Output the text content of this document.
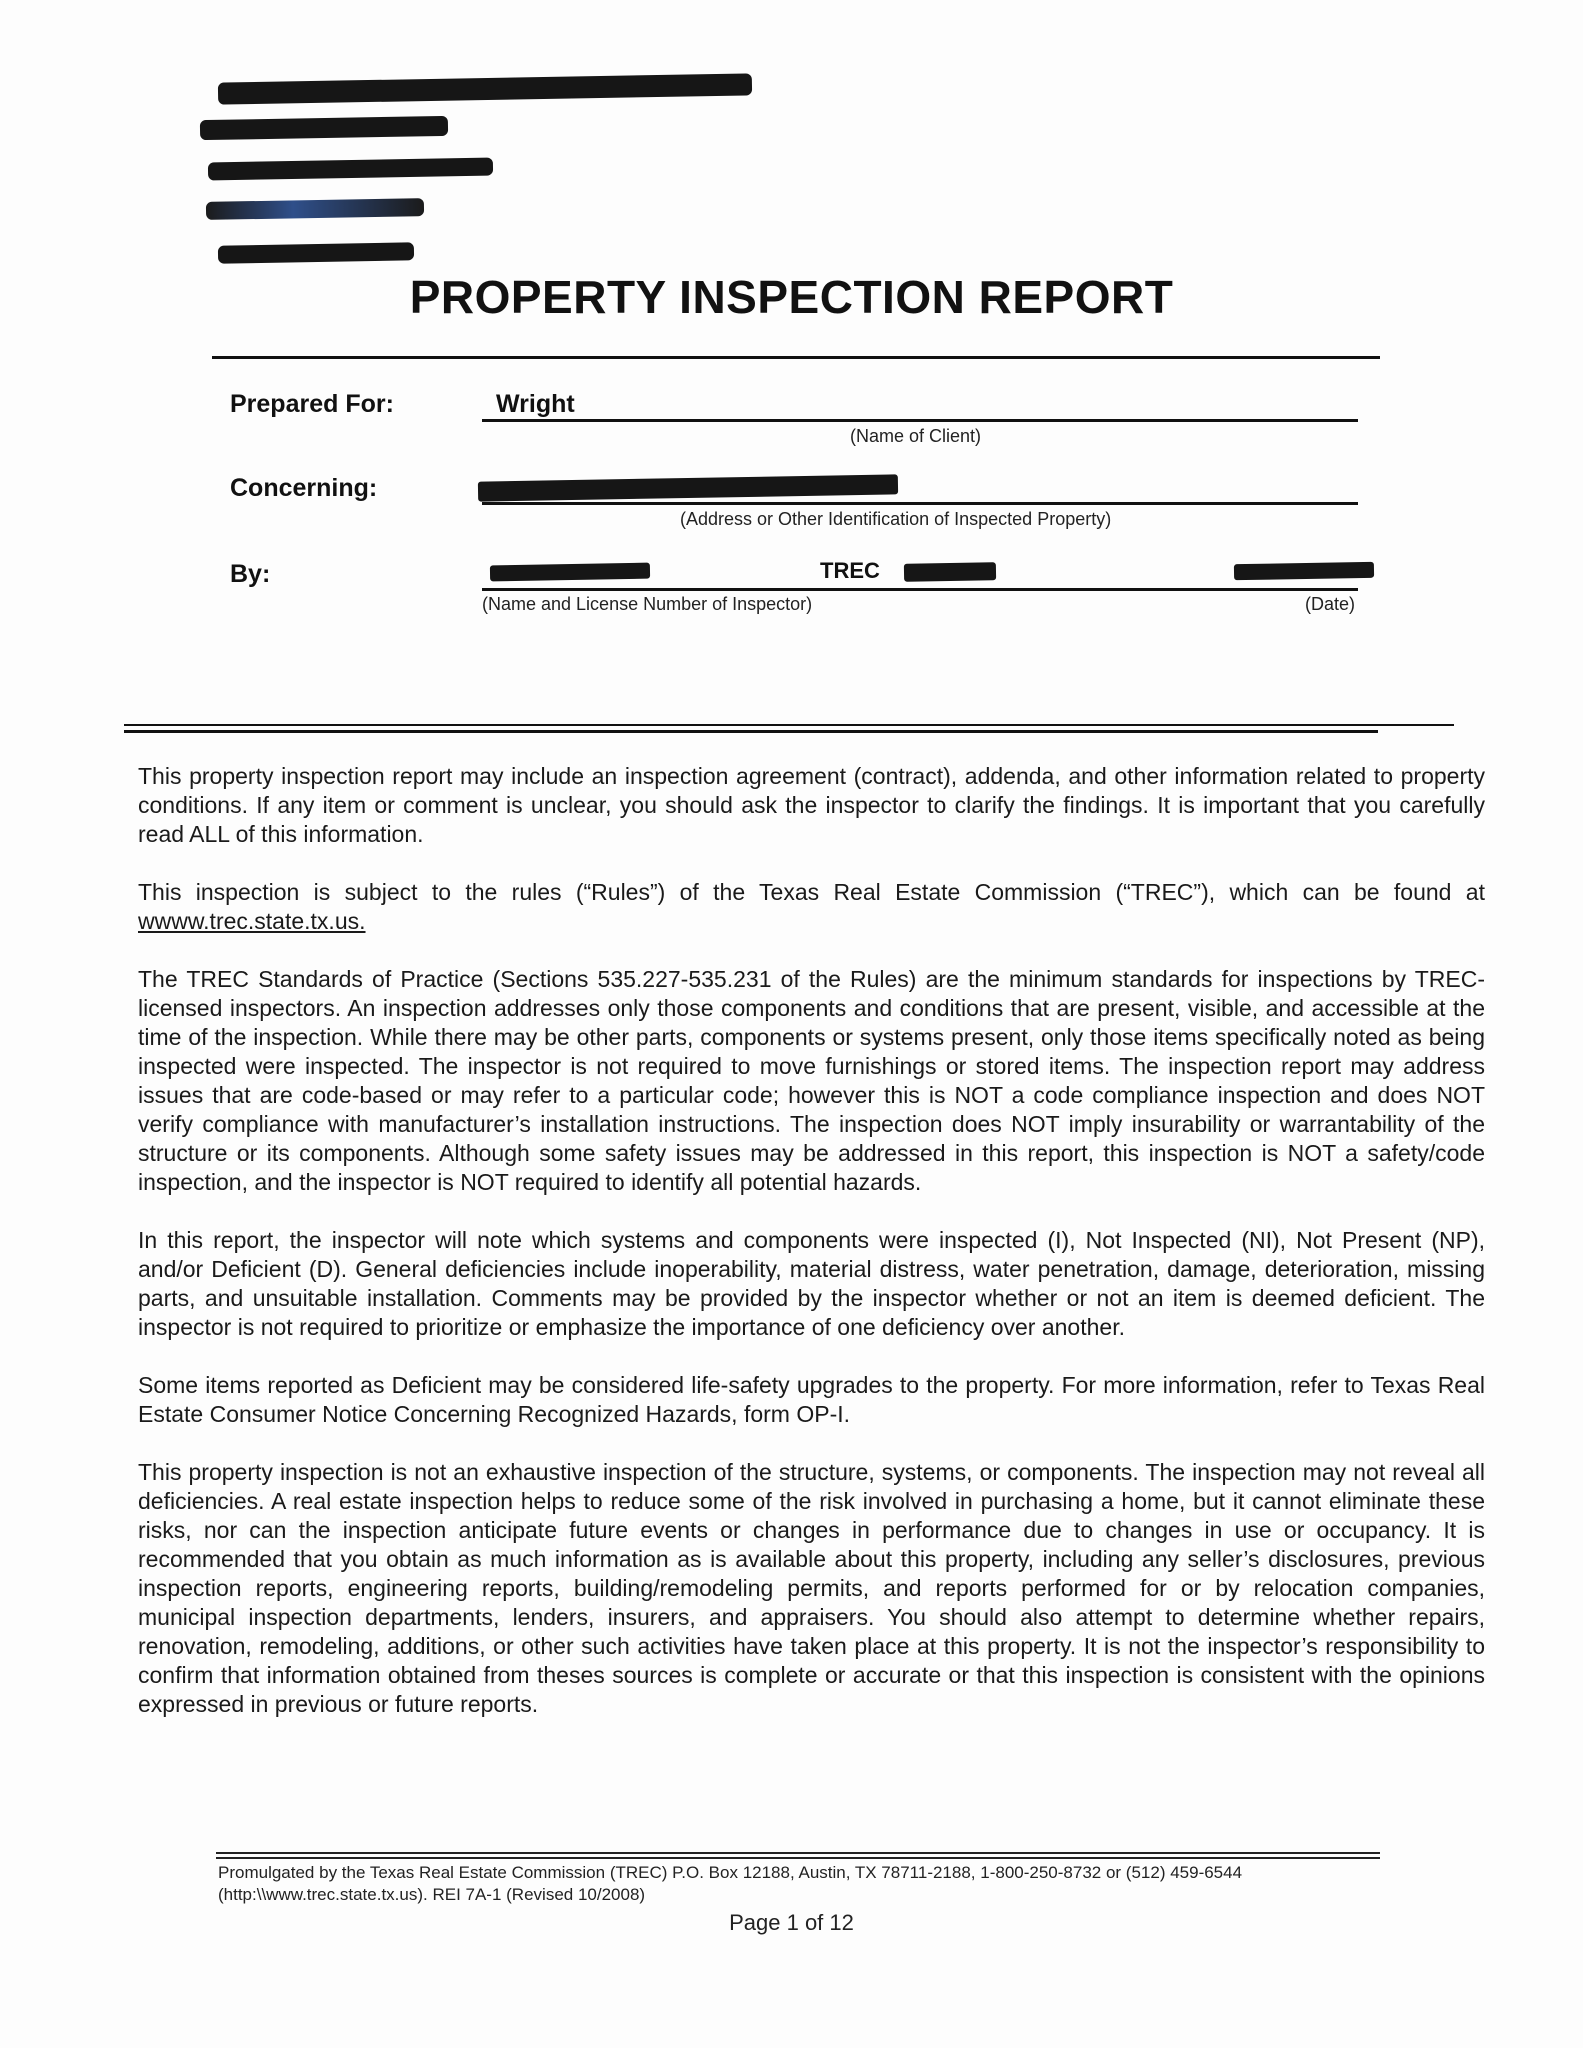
PROPERTY INSPECTION REPORT
Prepared For:	Wright
(Name of Client)
Concerning:
(Address or Other Identification of Inspected Property)
By:	TREC
(Name and License Number of Inspector)	(Date)

This property inspection report may include an inspection agreement (contract), addenda, and other information related to property conditions. If any item or comment is unclear, you should ask the inspector to clarify the findings. It is important that you carefully read ALL of this information.

This inspection is subject to the rules (“Rules”) of the Texas Real Estate Commission (“TREC”), which can be found at wwww.trec.state.tx.us.

The TREC Standards of Practice (Sections 535.227-535.231 of the Rules) are the minimum standards for inspections by TREC-licensed inspectors. An inspection addresses only those components and conditions that are present, visible, and accessible at the time of the inspection. While there may be other parts, components or systems present, only those items specifically noted as being inspected were inspected. The inspector is not required to move furnishings or stored items. The inspection report may address issues that are code-based or may refer to a particular code; however this is NOT a code compliance inspection and does NOT verify compliance with manufacturer’s installation instructions. The inspection does NOT imply insurability or warrantability of the structure or its components. Although some safety issues may be addressed in this report, this inspection is NOT a safety/code inspection, and the inspector is NOT required to identify all potential hazards.

In this report, the inspector will note which systems and components were inspected (I), Not Inspected (NI), Not Present (NP), and/or Deficient (D). General deficiencies include inoperability, material distress, water penetration, damage, deterioration, missing parts, and unsuitable installation. Comments may be provided by the inspector whether or not an item is deemed deficient. The inspector is not required to prioritize or emphasize the importance of one deficiency over another.

Some items reported as Deficient may be considered life-safety upgrades to the property. For more information, refer to Texas Real Estate Consumer Notice Concerning Recognized Hazards, form OP-I.

This property inspection is not an exhaustive inspection of the structure, systems, or components. The inspection may not reveal all deficiencies. A real estate inspection helps to reduce some of the risk involved in purchasing a home, but it cannot eliminate these risks, nor can the inspection anticipate future events or changes in performance due to changes in use or occupancy. It is recommended that you obtain as much information as is available about this property, including any seller’s disclosures, previous inspection reports, engineering reports, building/remodeling permits, and reports performed for or by relocation companies, municipal inspection departments, lenders, insurers, and appraisers. You should also attempt to determine whether repairs, renovation, remodeling, additions, or other such activities have taken place at this property. It is not the inspector’s responsibility to confirm that information obtained from theses sources is complete or accurate or that this inspection is consistent with the opinions expressed in previous or future reports.

Promulgated by the Texas Real Estate Commission (TREC) P.O. Box 12188, Austin, TX 78711-2188, 1-800-250-8732 or (512) 459-6544 (http:\\www.trec.state.tx.us). REI 7A-1 (Revised 10/2008)
Page 1 of 12
